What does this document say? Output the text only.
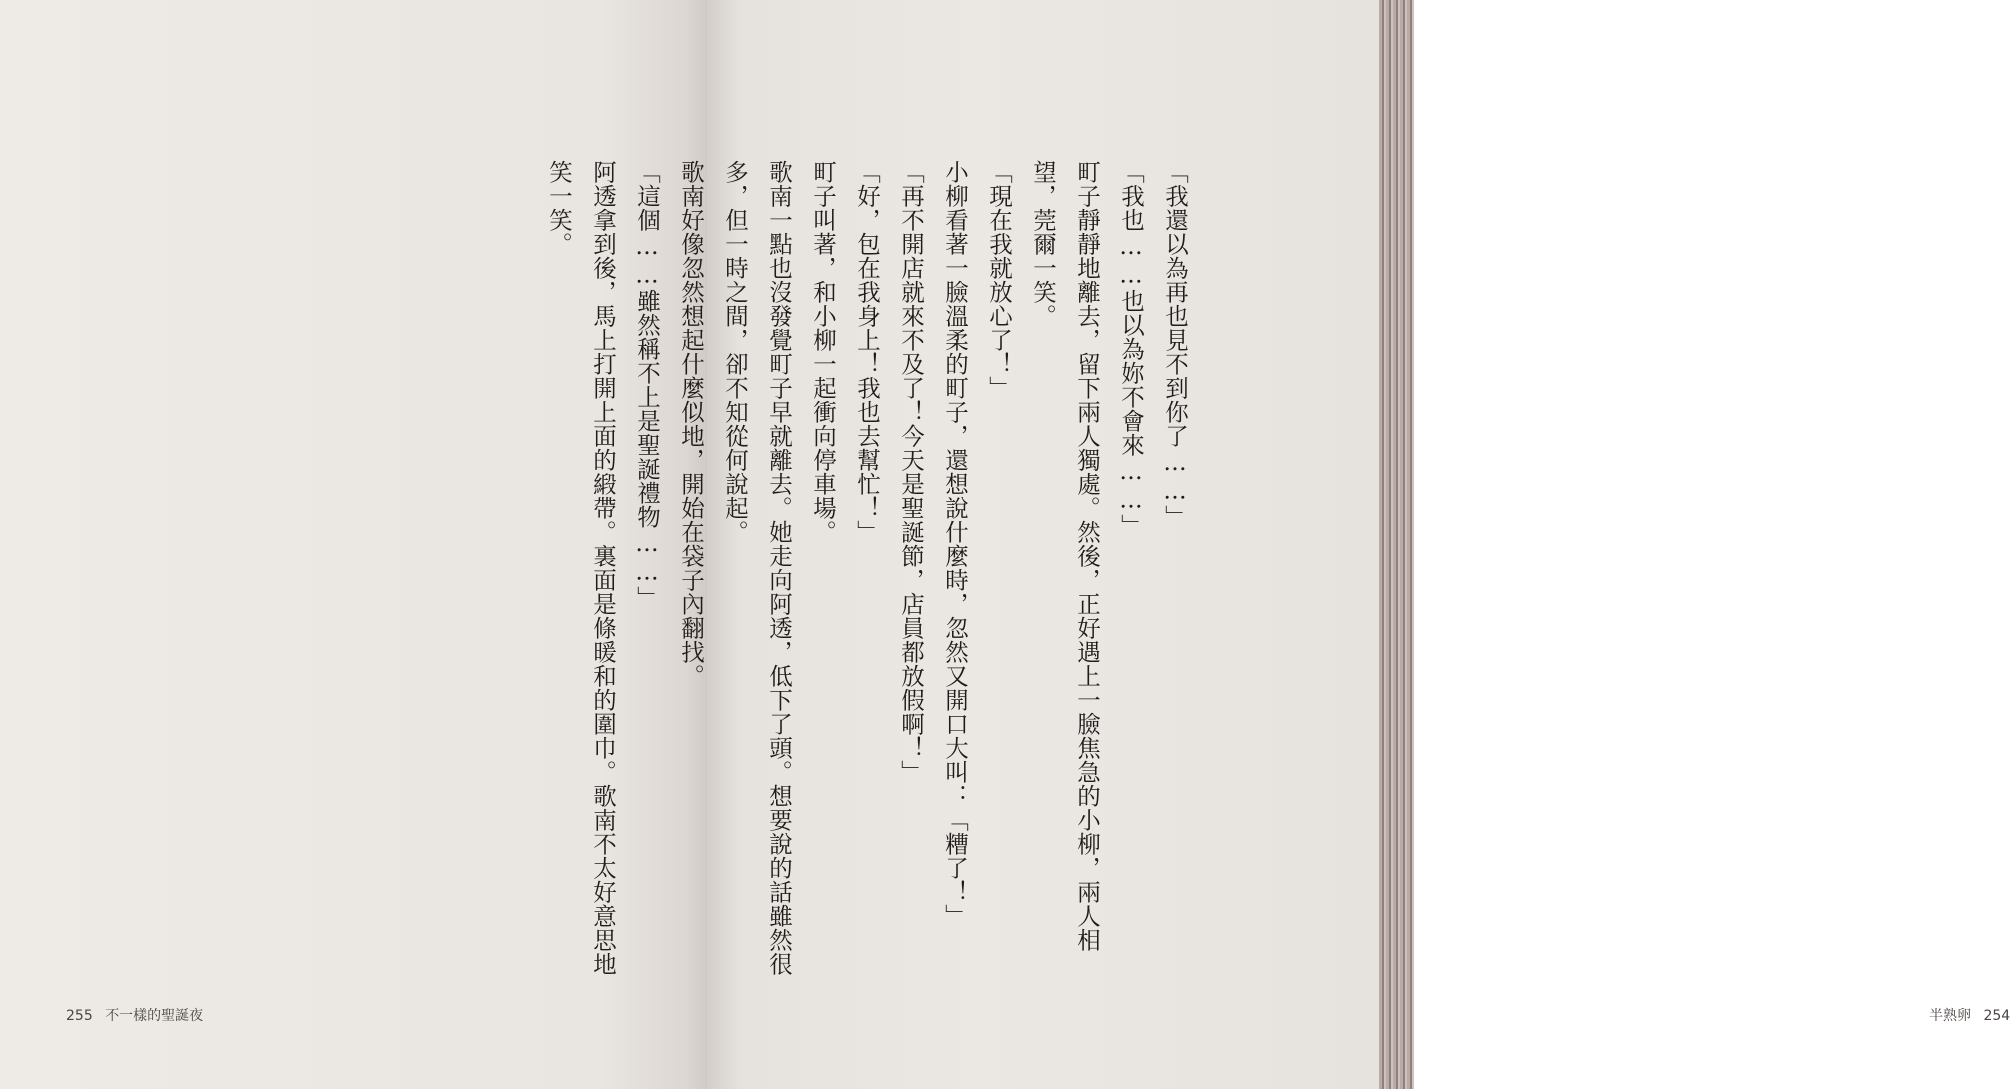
255 不一樣的聖誕夜
「我還以為再也見不到你了……」
「我也……也以為妳不會來……」
町子靜靜地離去，留下兩人獨處。然後，正好遇上一臉焦急的小柳，兩人相
望，莞爾一笑。
「現在我就放心了！」
小柳看著一臉溫柔的町子，還想說什麼時，忽然又開口大叫：「糟了！」
「再不開店就來不及了！今天是聖誕節，店員都放假啊！」
「好，包在我身上！我也去幫忙！」
町子叫著，和小柳一起衝向停車場。
歌南一點也沒發覺町子早就離去。她走向阿透，低下了頭。想要說的話雖然很
多，但一時之間，卻不知從何說起。
歌南好像忽然想起什麼似地，開始在袋子內翻找。
「這個……雖然稱不上是聖誕禮物……」
阿透拿到後，馬上打開上面的緞帶。裏面是條暖和的圍巾。歌南不太好意思地
笑一笑。
半熟卵 254
